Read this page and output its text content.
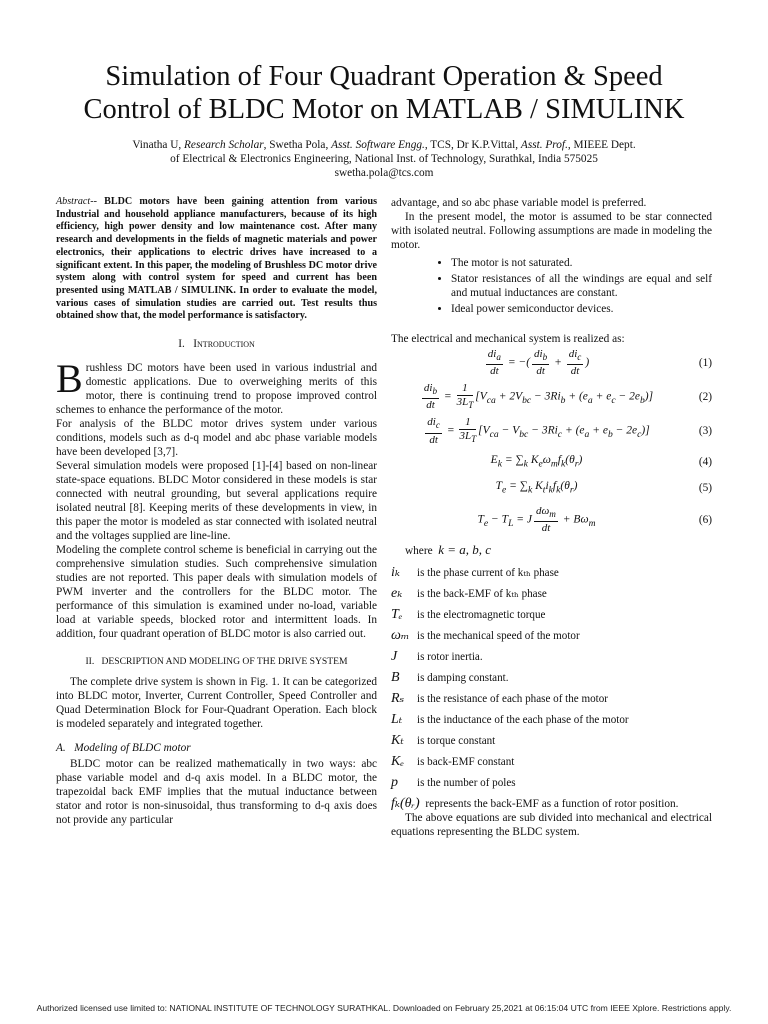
Simulation of Four Quadrant Operation & Speed
Control of BLDC Motor on MATLAB / SIMULINK
Vinatha U, Research Scholar, Swetha Pola, Asst. Software Engg., TCS, Dr K.P.Vittal, Asst. Prof., MIEEE Dept.
of Electrical & Electronics Engineering, National Inst. of Technology, Surathkal, India 575025
swetha.pola@tcs.com

Abstract-- BLDC motors have been gaining attention from various Industrial and household appliance manufacturers, because of its high efficiency, high power density and low maintenance cost. After many research and developments in the fields of magnetic materials and power electronics, their applications to electric drives have increased to a significant extent. In this paper, the modeling of Brushless DC motor drive system along with control system for speed and current has been presented using MATLAB / SIMULINK. In order to evaluate the model, various cases of simulation studies are carried out. Test results thus obtained show that, the model performance is satisfactory.

I. Introduction

Brushless DC motors have been used in various industrial and domestic applications. Due to overweighing merits of this motor, there is continuing trend to propose improved control schemes to enhance the performance of the motor.

For analysis of the BLDC motor drives system under various conditions, models such as d-q model and abc phase variable models have been developed [3,7].

Several simulation models were proposed [1]-[4] based on non-linear state-space equations. BLDC Motor considered in these models is star connected with neutral grounding, but several applications require isolated neutral [8]. Keeping merits of these developments in view, in this paper the motor is modeled as star connected with isolated neutral and the voltages supplied are line-line.

Modeling the complete control scheme is beneficial in carrying out the comprehensive simulation studies. Such comprehensive simulation studies are not reported. This paper deals with simulation models of PWM inverter and the controllers for the BLDC motor. The performance of this simulation is examined under no-load, variable load at variable speeds, blocked rotor and intermittent loads. In addition, four quadrant operation of BLDC motor is also carried out.

II. DESCRIPTION AND MODELING OF THE DRIVE SYSTEM

The complete drive system is shown in Fig. 1. It can be categorized into BLDC motor, Inverter, Current Controller, Speed Controller and Quad Determination Block for Four-Quadrant Operation. Each block is modeled separately and integrated together.

A. Modeling of BLDC motor

BLDC motor can be realized mathematically in two ways: abc phase variable model and d-q axis model. In a BLDC motor, the trapezoidal back EMF implies that the mutual inductance between stator and rotor is non-sinusoidal, thus transforming to d-q axis does not provide any particular

advantage, and so abc phase variable model is preferred.

In the present model, the motor is assumed to be star connected with isolated neutral. Following assumptions are made in modeling the motor.

• The motor is not saturated.
• Stator resistances of all the windings are equal and self and mutual inductances are constant.
• Ideal power semiconductor devices.

The electrical and mechanical system is realized as:

$\frac{di_a}{dt}$ = −( $\frac{di_b}{dt} + \frac{di_c}{dt}$ )	(1)
$\frac{di_b}{dt} = \frac{1}{3L_T} [V_{ca} + 2V_{bc} - 3Ri_b + (e_a + e_c - 2e_b)]$	(2)
$\frac{di_c}{dt} = \frac{1}{3L_T} [V_{ca} - V_{bc} - 3Ri_c + (e_a + e_b - 2e_c)]$	(3)
$E_k = \sum_k$ $K_e\omega_mf_k(\theta_r)$	(4)
$T_e = \sum_k$ $K_ti_kf_k(\theta_r)$	(5)
$T_e - T_L = J \frac{d\omega_m}{dt} + B\omega_m$	(6)

where k = a, b, c

iₖ	is the phase current of kₜₕ phase
eₖ	is the back-EMF of kₜₕ phase
Tₑ	is the electromagnetic torque
ωₘ is the mechanical speed of the motor
J	is rotor inertia.
B	is damping constant.
Rₛ	is the resistance of each phase of the motor
Lₜ	is the inductance of the each phase of the motor
Kₜ	is torque constant
Kₑ	is back-EMF constant
p	is the number of poles

fₖ(θᵣ) represents the back-EMF as a function of rotor position.

The above equations are sub divided into mechanical and electrical equations representing the BLDC system.

Authorized licensed use limited to: NATIONAL INSTITUTE OF TECHNOLOGY SURATHKAL. Downloaded on February 25,2021 at 06:15:04 UTC from IEEE Xplore. Restrictions apply.
